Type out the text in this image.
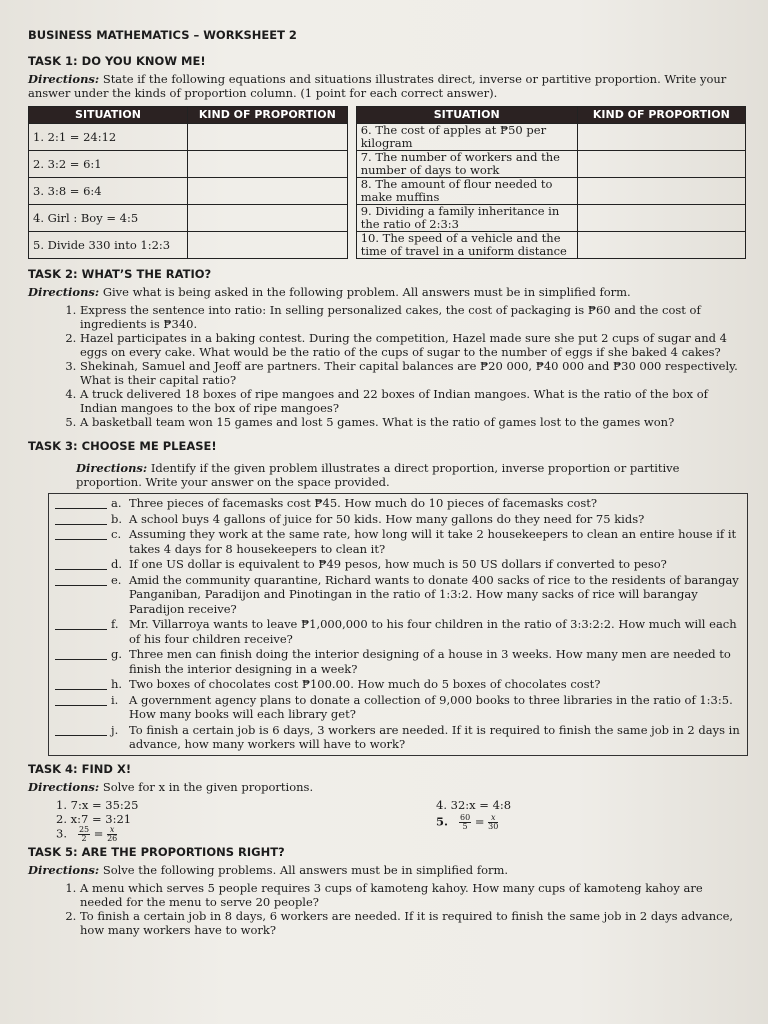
BUSINESS MATHEMATICS – WORKSHEET 2
TASK 1: DO YOU KNOW ME!
Directions: State if the following equations and situations illustrates direct, inverse or partitive proportion. Write your answer under the kinds of proportion column. (1 point for each correct answer).
SITUATION	KIND OF PROPORTION
1. 2:1 = 24:12	
2. 3:2 = 6:1	
3. 3:8 = 6:4	
4. Girl : Boy = 4:5	
5. Divide 330 into 1:2:3	
SITUATION	KIND OF PROPORTION
6. The cost of apples at ₱50 per kilogram	
7. The number of workers and the number of days to work	
8. The amount of flour needed to make muffins	
9. Dividing a family inheritance in the ratio of 2:3:3	
10. The speed of a vehicle and the time of travel in a uniform distance	
TASK 2: WHAT’S THE RATIO?
Directions: Give what is being asked in the following problem. All answers must be in simplified form.
1. Express the sentence into ratio: In selling personalized cakes, the cost of packaging is ₱60 and the cost of ingredients is ₱340.
2. Hazel participates in a baking contest. During the competition, Hazel made sure she put 2 cups of sugar and 4 eggs on every cake. What would be the ratio of the cups of sugar to the number of eggs if she baked 4 cakes?
3. Shekinah, Samuel and Jeoff are partners. Their capital balances are ₱20 000, ₱40 000 and ₱30 000 respectively. What is their capital ratio?
4. A truck delivered 18 boxes of ripe mangoes and 22 boxes of Indian mangoes. What is the ratio of the box of Indian mangoes to the box of ripe mangoes?
5. A basketball team won 15 games and lost 5 games. What is the ratio of games lost to the games won?
TASK 3: CHOOSE ME PLEASE!
Directions: Identify if the given problem illustrates a direct proportion, inverse proportion or partitive proportion. Write your answer on the space provided.
a. Three pieces of facemasks cost ₱45. How much do 10 pieces of facemasks cost?
b. A school buys 4 gallons of juice for 50 kids. How many gallons do they need for 75 kids?
c. Assuming they work at the same rate, how long will it take 2 housekeepers to clean an entire house if it takes 4 days for 8 housekeepers to clean it?
d. If one US dollar is equivalent to ₱49 pesos, how much is 50 US dollars if converted to peso?
e. Amid the community quarantine, Richard wants to donate 400 sacks of rice to the residents of barangay Panganiban, Paradijon and Pinotingan in the ratio of 1:3:2. How many sacks of rice will barangay Paradijon receive?
f. Mr. Villarroya wants to leave ₱1,000,000 to his four children in the ratio of 3:3:2:2. How much will each of his four children receive?
g. Three men can finish doing the interior designing of a house in 3 weeks. How many men are needed to finish the interior designing in a week?
h. Two boxes of chocolates cost ₱100.00. How much do 5 boxes of chocolates cost?
i. A government agency plans to donate a collection of 9,000 books to three libraries in the ratio of 1:3:5. How many books will each library get?
j. To finish a certain job is 6 days, 3 workers are needed. If it is required to finish the same job in 2 days in advance, how many workers will have to work?
TASK 4: FIND X!
Directions: Solve for x in the given proportions.
1. 7:x = 35:25
2. x:7 = 3:21
3. $\frac{25}{2} = \frac{x}{26}$
4. 32:x = 4:8
5. $\frac{60}{5} = \frac{x}{30}$
TASK 5: ARE THE PROPORTIONS RIGHT?
Directions: Solve the following problems. All answers must be in simplified form.
1. A menu which serves 5 people requires 3 cups of kamoteng kahoy. How many cups of kamoteng kahoy are needed for the menu to serve 20 people?
2. To finish a certain job in 8 days, 6 workers are needed. If it is required to finish the same job in 2 days advance, how many workers have to work?
